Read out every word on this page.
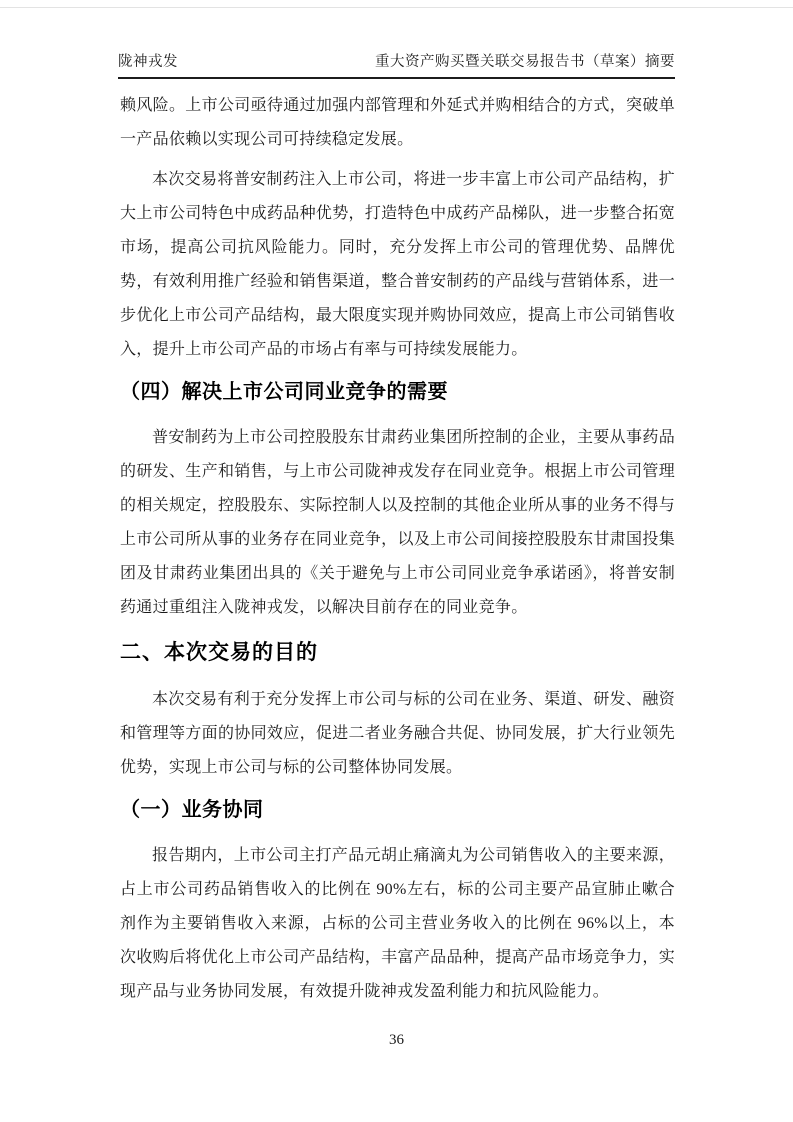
陇神戎发	重大资产购买暨关联交易报告书（草案）摘要

赖风险。上市公司亟待通过加强内部管理和外延式并购相结合的方式，突破单一产品依赖以实现公司可持续稳定发展。

本次交易将普安制药注入上市公司，将进一步丰富上市公司产品结构，扩大上市公司特色中成药品种优势，打造特色中成药产品梯队，进一步整合拓宽市场，提高公司抗风险能力。同时，充分发挥上市公司的管理优势、品牌优势，有效利用推广经验和销售渠道，整合普安制药的产品线与营销体系，进一步优化上市公司产品结构，最大限度实现并购协同效应，提高上市公司销售收入，提升上市公司产品的市场占有率与可持续发展能力。

（四）解决上市公司同业竞争的需要

普安制药为上市公司控股股东甘肃药业集团所控制的企业，主要从事药品的研发、生产和销售，与上市公司陇神戎发存在同业竞争。根据上市公司管理的相关规定，控股股东、实际控制人以及控制的其他企业所从事的业务不得与上市公司所从事的业务存在同业竞争，以及上市公司间接控股股东甘肃国投集团及甘肃药业集团出具的《关于避免与上市公司同业竞争承诺函》，将普安制药通过重组注入陇神戎发，以解决目前存在的同业竞争。

二、本次交易的目的

本次交易有利于充分发挥上市公司与标的公司在业务、渠道、研发、融资和管理等方面的协同效应，促进二者业务融合共促、协同发展，扩大行业领先优势，实现上市公司与标的公司整体协同发展。

（一）业务协同

报告期内，上市公司主打产品元胡止痛滴丸为公司销售收入的主要来源，占上市公司药品销售收入的比例在 90%左右，标的公司主要产品宣肺止嗽合剂作为主要销售收入来源，占标的公司主营业务收入的比例在 96%以上，本次收购后将优化上市公司产品结构，丰富产品品种，提高产品市场竞争力，实现产品与业务协同发展，有效提升陇神戎发盈利能力和抗风险能力。

36
